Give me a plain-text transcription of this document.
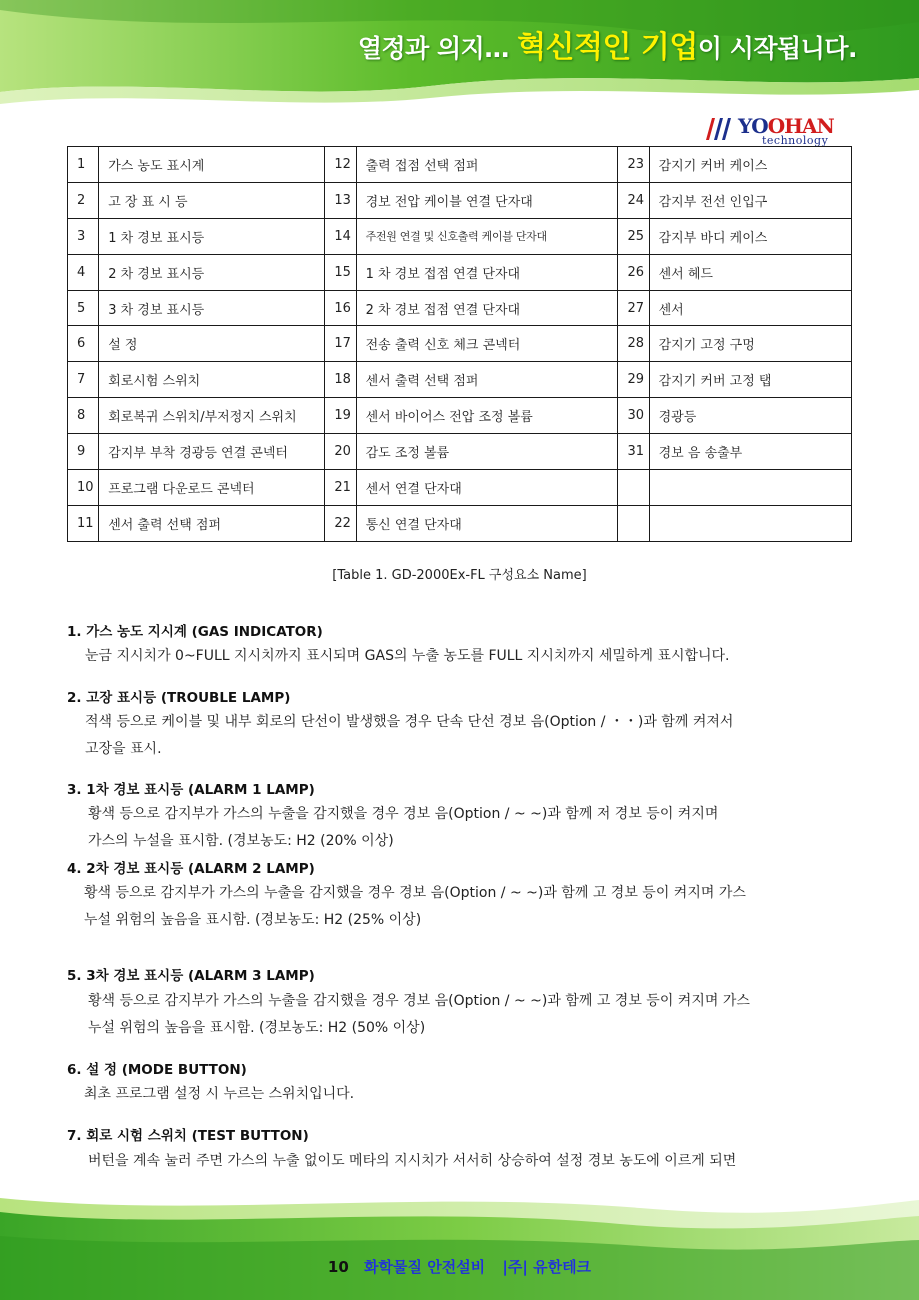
열정과 의지… 혁신적인 기업이 시작됩니다.
YOOHAN
technology
1	가스 농도 표시계	12	출력 접점 선택 점퍼	23	감지기 커버 케이스
2	고 장 표 시 등	13	경보 전압 케이블 연결 단자대	24	감지부 전선 인입구
3	1 차 경보 표시등	14	주전원 연결 및 신호출력 케이블 단자대	25	감지부 바디 케이스
4	2 차 경보 표시등	15	1 차 경보 접점 연결 단자대	26	센서 헤드
5	3 차 경보 표시등	16	2 차 경보 접점 연결 단자대	27	센서
6	설 정	17	전송 출력 신호 체크 콘넥터	28	감지기 고정 구멍
7	회로시험 스위치	18	센서 출력 선택 점퍼	29	감지기 커버 고정 탭
8	회로복귀 스위치/부저정지 스위치	19	센서 바이어스 전압 조정 볼륨	30	경광등
9	감지부 부착 경광등 연결 콘넥터	20	감도 조정 볼륨	31	경보 음 송출부
10	프로그램 다운로드 콘넥터	21	센서 연결 단자대		
11	센서 출력 선택 점퍼	22	통신 연결 단자대		
[Table 1. GD-2000Ex-FL 구성요소 Name]
1. 가스 농도 지시계 (GAS INDICATOR)
눈금 지시치가 0~FULL 지시치까지 표시되며 GAS의 누출 농도를 FULL 지시치까지 세밀하게 표시합니다.
2. 고장 표시등 (TROUBLE LAMP)
적색 등으로 케이블 및 내부 회로의 단선이 발생했을 경우 단속 단선 경보 음(Option / ・・)과 함께 켜져서
고장을 표시.
3. 1차 경보 표시등 (ALARM 1 LAMP)
황색 등으로 감지부가 가스의 누출을 감지했을 경우 경보 음(Option / ~ ~)과 함께 저 경보 등이 켜지며
가스의 누설을 표시함. (경보농도: H2 (20% 이상)
4. 2차 경보 표시등 (ALARM 2 LAMP)
황색 등으로 감지부가 가스의 누출을 감지했을 경우 경보 음(Option / ~ ~)과 함께 고 경보 등이 켜지며 가스
누설 위험의 높음을 표시함. (경보농도: H2 (25% 이상)
5. 3차 경보 표시등 (ALARM 3 LAMP)
황색 등으로 감지부가 가스의 누출을 감지했을 경우 경보 음(Option / ~ ~)과 함께 고 경보 등이 켜지며 가스
누설 위험의 높음을 표시함. (경보농도: H2 (50% 이상)
6. 설 정 (MODE BUTTON)
최초 프로그램 설정 시 누르는 스위치입니다.
7. 회로 시험 스위치 (TEST BUTTON)
버턴을 계속 눌러 주면 가스의 누출 없이도 메타의 지시치가 서서히 상승하여 설정 경보 농도에 이르게 되면
10 화학물질 안전설비 |주| 유한테크
